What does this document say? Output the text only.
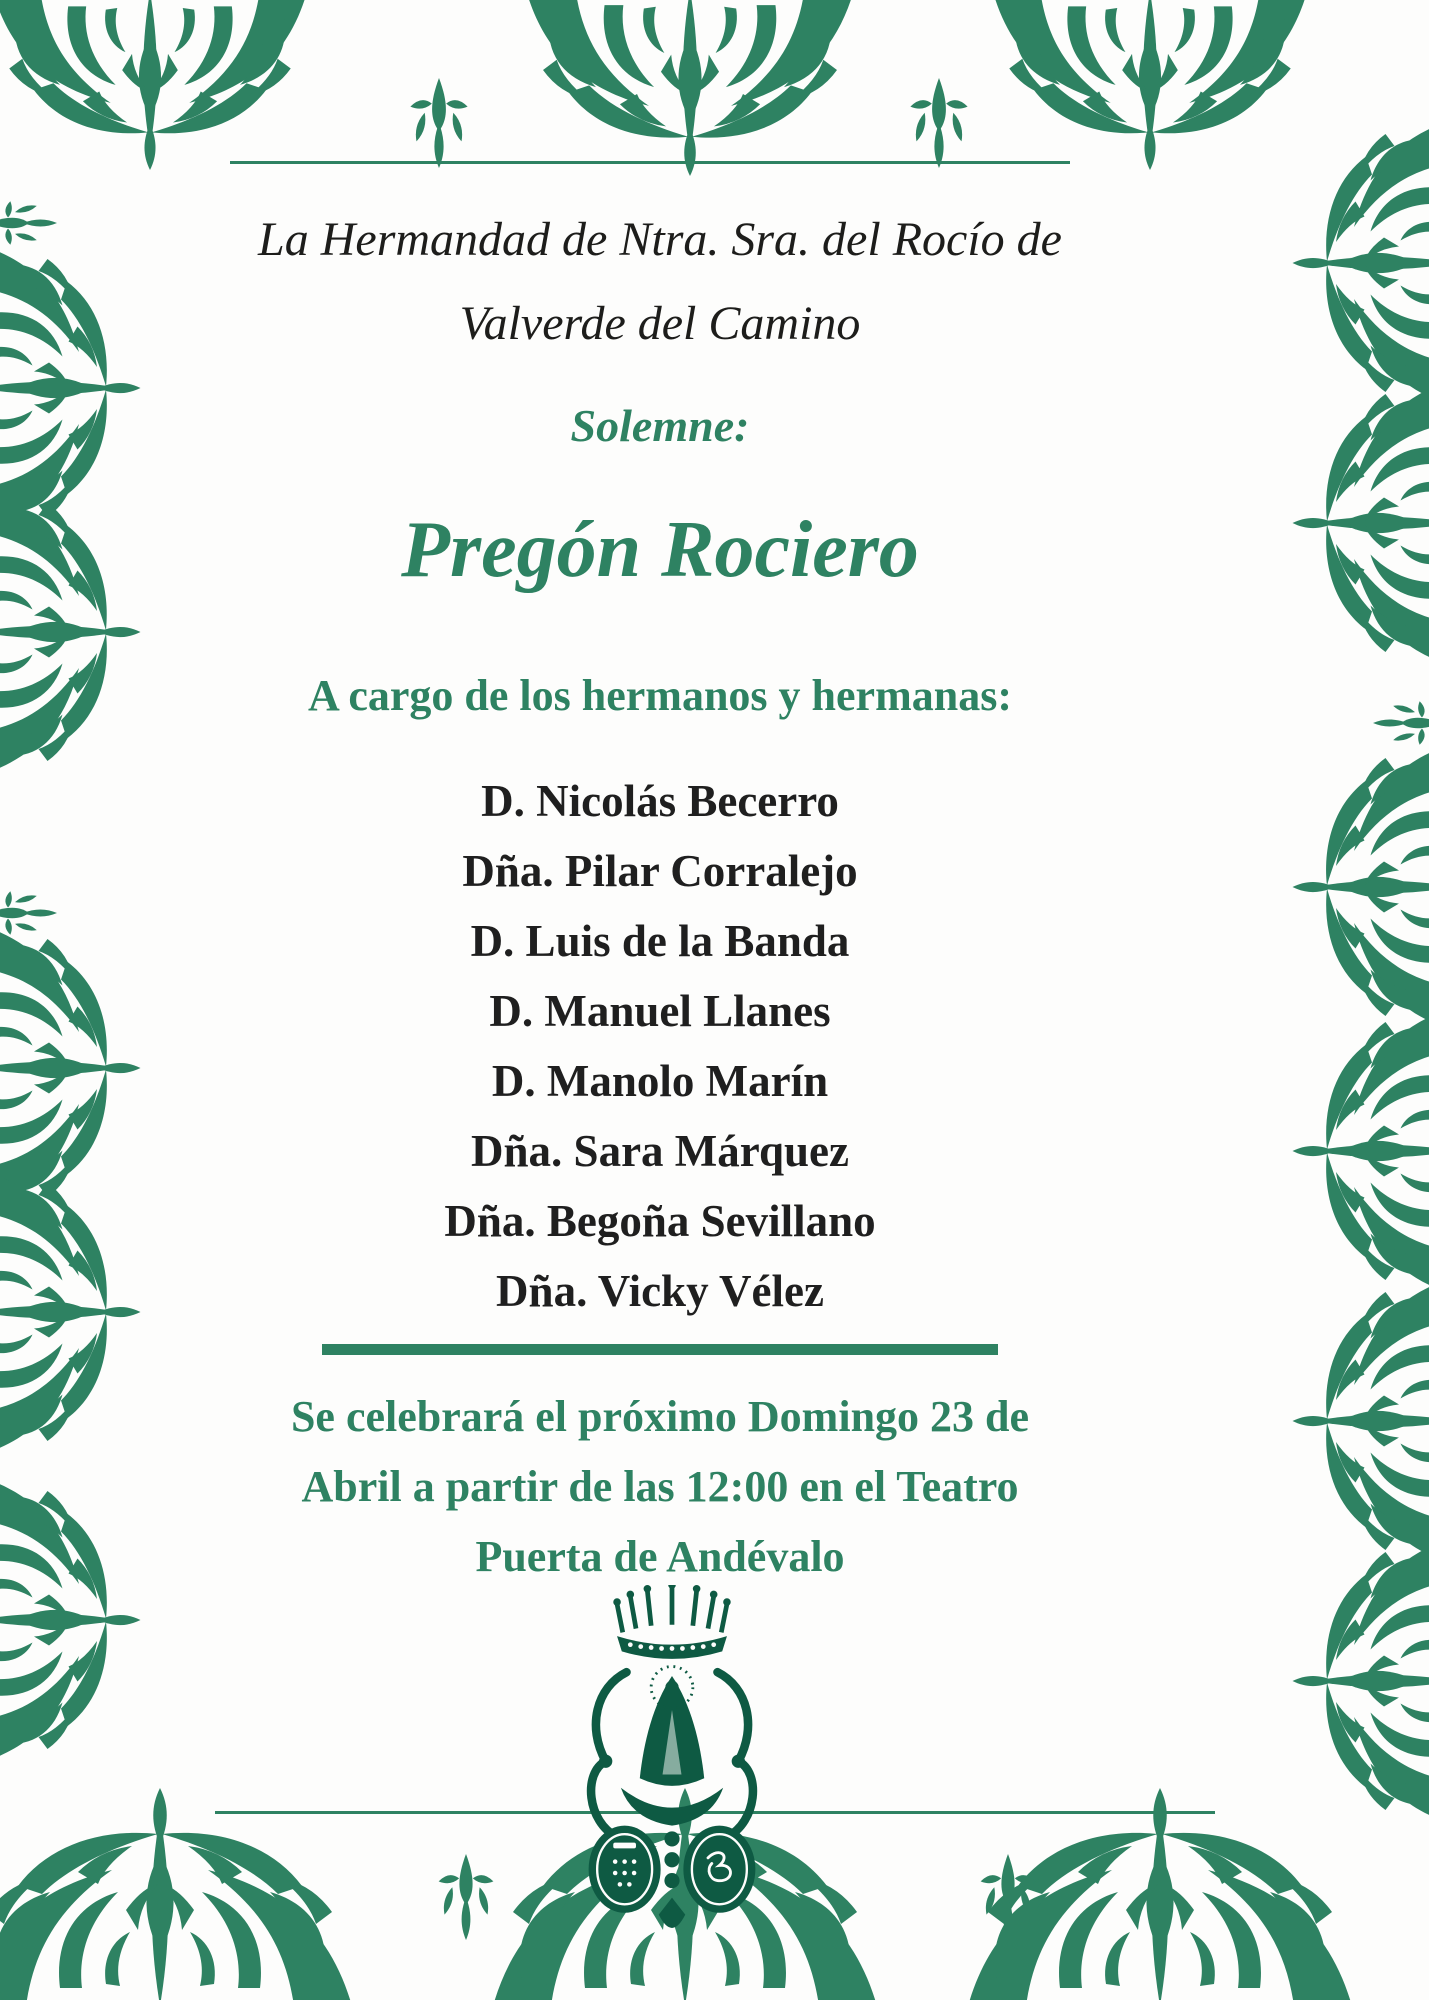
La Hermandad de Ntra. Sra. del Rocío de
Valverde del Camino
Solemne:
Pregón Rociero
A cargo de los hermanos y hermanas:
D. Nicolás Becerro
Dña. Pilar Corralejo
D. Luis de la Banda
D. Manuel Llanes
D. Manolo Marín
Dña. Sara Márquez
Dña. Begoña Sevillano
Dña. Vicky Vélez
Se celebrará el próximo Domingo 23 de
Abril a partir de las 12:00 en el Teatro
Puerta de Andévalo
